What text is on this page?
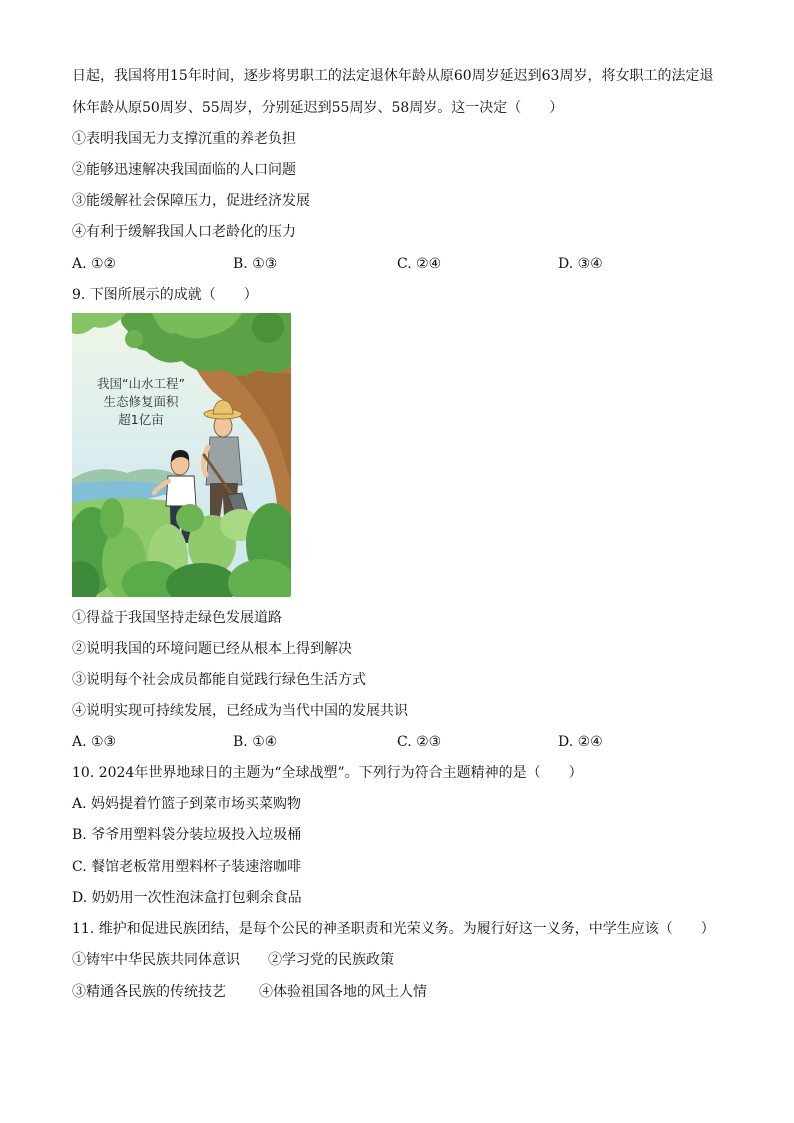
日起，我国将用15年时间，逐步将男职工的法定退休年龄从原60周岁延迟到63周岁，将女职工的法定退
休年龄从原50周岁、55周岁，分别延迟到55周岁、58周岁。这一决定（　　）
①表明我国无力支撑沉重的养老负担
②能够迅速解决我国面临的人口问题
③能缓解社会保障压力，促进经济发展
④有利于缓解我国人口老龄化的压力
A. ①②	B. ①③	C. ②④	D. ③④
9. 下图所展示的成就（　　）
我国“山水工程”
生态修复面积
超1亿亩
①得益于我国坚持走绿色发展道路
②说明我国的环境问题已经从根本上得到解决
③说明每个社会成员都能自觉践行绿色生活方式
④说明实现可持续发展，已经成为当代中国的发展共识
A. ①③	B. ①④	C. ②③	D. ②④
10. 2024年世界地球日的主题为“全球战塑”。下列行为符合主题精神的是（　　）
A. 妈妈提着竹篮子到菜市场买菜购物
B. 爷爷用塑料袋分装垃圾投入垃圾桶
C. 餐馆老板常用塑料杯子装速溶咖啡
D. 奶奶用一次性泡沫盒打包剩余食品
11. 维护和促进民族团结，是每个公民的神圣职责和光荣义务。为履行好这一义务，中学生应该（　　）
①铸牢中华民族共同体意识 ②学习党的民族政策
③精通各民族的传统技艺 ④体验祖国各地的风土人情
